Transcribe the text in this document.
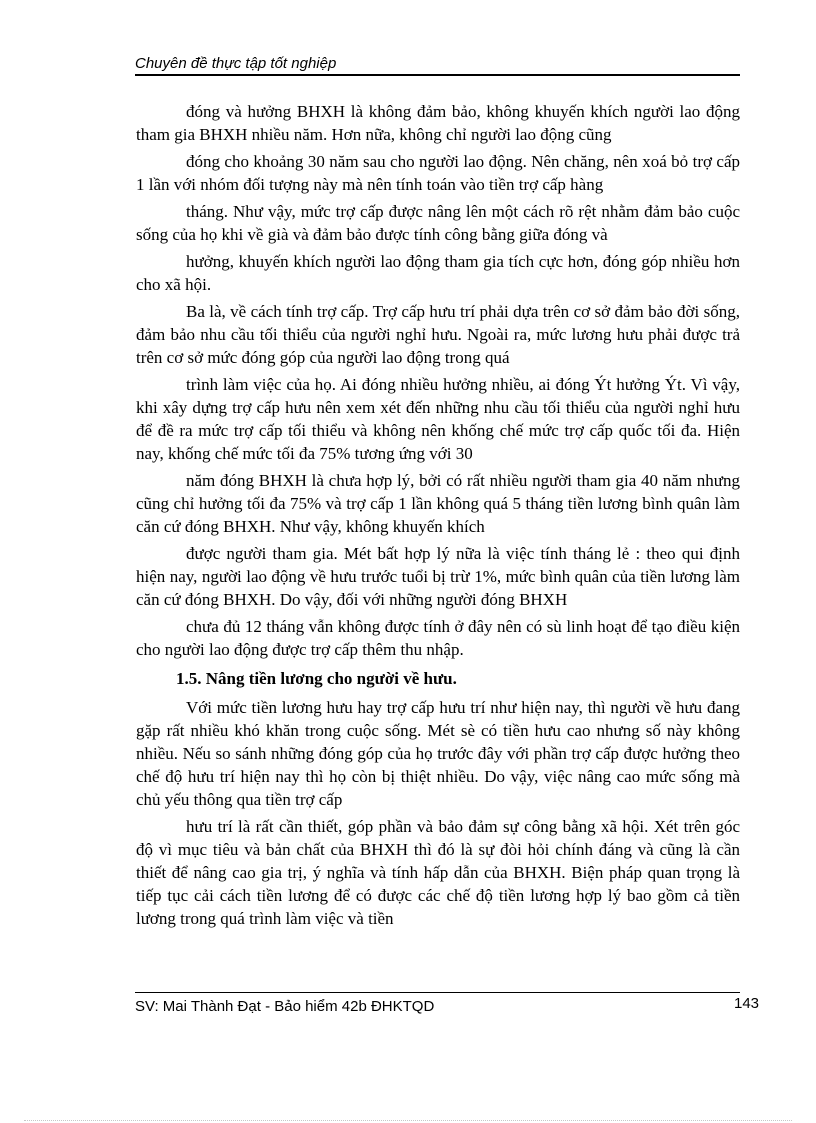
Chuyên đề thực tập tốt nghiệp

đóng và hưởng BHXH là không đảm bảo, không khuyến khích người lao động tham gia BHXH nhiều năm. Hơn nữa, không chỉ người lao động cũng

đóng cho khoảng 30 năm sau cho người lao động. Nên chăng, nên xoá bỏ trợ cấp 1 lần với nhóm đối tượng này mà nên tính toán vào tiền trợ cấp hàng

tháng. Như vậy, mức trợ cấp được nâng lên một cách rõ rệt nhằm đảm bảo cuộc sống của họ khi về già và đảm bảo được tính công bằng giữa đóng và

hưởng, khuyến khích người lao động tham gia tích cực hơn, đóng góp nhiều hơn cho xã hội.

Ba là, về cách tính trợ cấp. Trợ cấp hưu trí phải dựa trên cơ sở đảm bảo đời sống, đảm bảo nhu cầu tối thiểu của người nghỉ hưu. Ngoài ra, mức lương hưu phải được trả trên cơ sở mức đóng góp của người lao động trong quá

trình làm việc của họ. Ai đóng nhiều hưởng nhiều, ai đóng Ýt hưởng Ýt. Vì vậy, khi xây dựng trợ cấp hưu nên xem xét đến những nhu cầu tối thiểu của người nghỉ hưu để đề ra mức trợ cấp tối thiểu và không nên khống chế mức trợ cấp quốc tối đa. Hiện nay, khống chế mức tối đa 75% tương ứng với 30

năm đóng BHXH là chưa hợp lý, bởi có rất nhiều người tham gia 40 năm nhưng cũng chỉ hưởng tối đa 75% và trợ cấp 1 lần không quá 5 tháng tiền lương bình quân làm căn cứ đóng BHXH. Như vậy, không khuyến khích

được người tham gia. Mét bất hợp lý nữa là việc tính tháng lẻ : theo qui định hiện nay, người lao động về hưu trước tuổi bị trừ 1%, mức bình quân của tiền lương làm căn cứ đóng BHXH. Do vậy, đối với những người đóng BHXH

chưa đủ 12 tháng vẫn không được tính ở đây nên có sù linh hoạt để tạo điều kiện cho người lao động được trợ cấp thêm thu nhập.

1.5. Nâng tiền lương cho người về hưu.

Với mức tiền lương hưu hay trợ cấp hưu trí như hiện nay, thì người về hưu đang gặp rất nhiều khó khăn trong cuộc sống. Mét sè có tiền hưu cao nhưng số này không nhiều. Nếu so sánh những đóng góp của họ trước đây với phần trợ cấp được hưởng theo chế độ hưu trí hiện nay thì họ còn bị thiệt nhiều. Do vậy, việc nâng cao mức sống mà chủ yếu thông qua tiền trợ cấp

hưu trí là rất cần thiết, góp phần và bảo đảm sự công bằng xã hội. Xét trên góc độ vì mục tiêu và bản chất của BHXH thì đó là sự đòi hỏi chính đáng và cũng là cần thiết để nâng cao gia trị, ý nghĩa và tính hấp dẫn của BHXH. Biện pháp quan trọng là tiếp tục cải cách tiền lương để có được các chế độ tiền lương hợp lý bao gồm cả tiền lương trong quá trình làm việc và tiền

SV: Mai Thành Đạt - Bảo hiểm 42b ĐHKTQD	143
